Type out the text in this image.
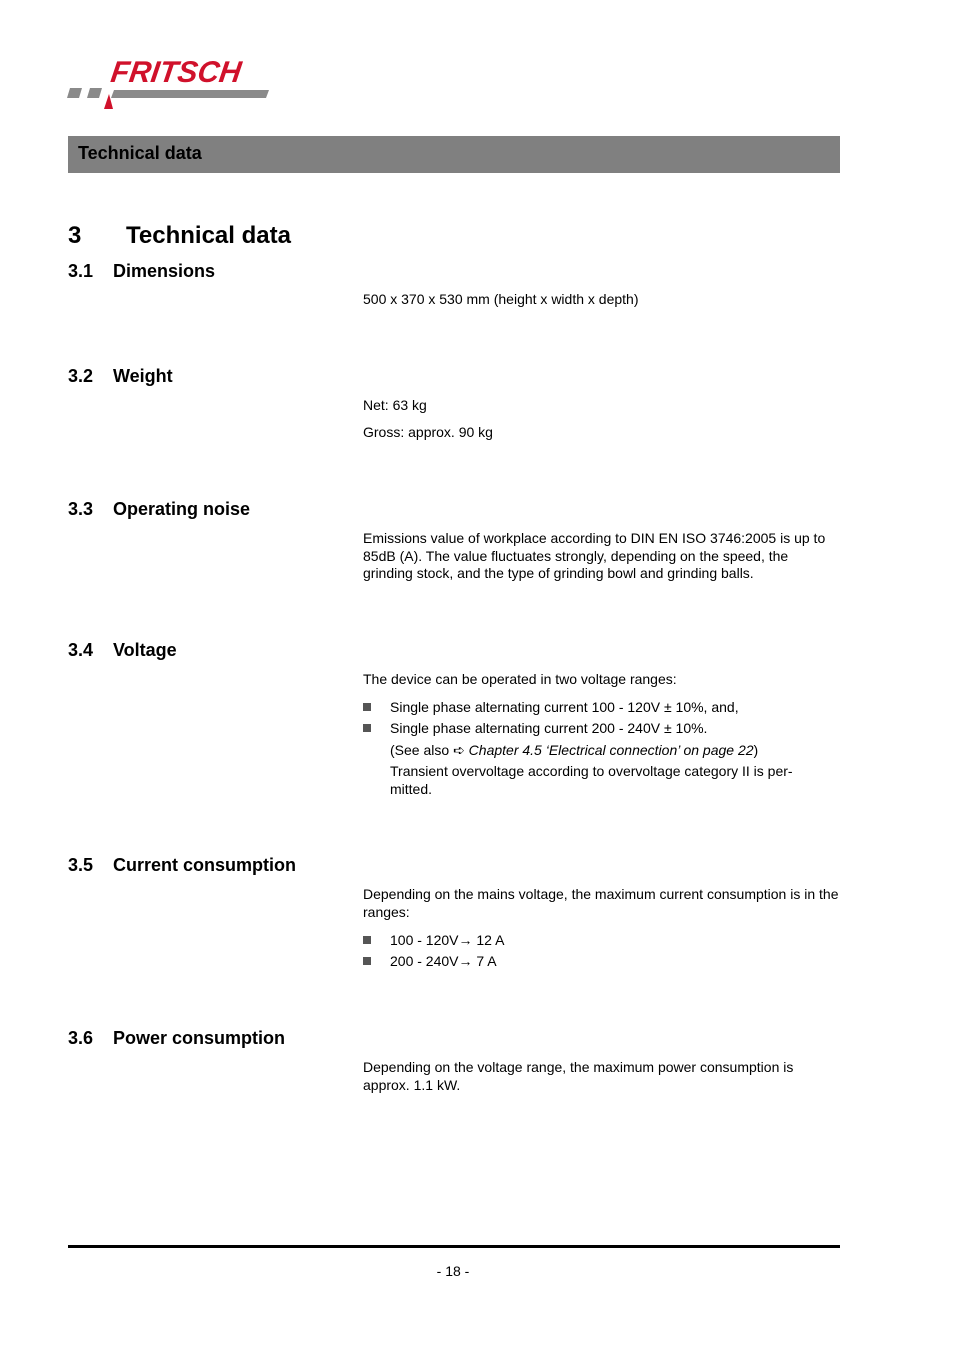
FRITSCH
Technical data
3 Technical data
3.1 Dimensions
500 x 370 x 530 mm (height x width x depth)
3.2 Weight
Net: 63 kg
Gross: approx. 90 kg
3.3 Operating noise
Emissions value of workplace according to DIN EN ISO 3746:2005 is up to 85dB (A). The value fluctuates strongly, depending on the speed, the grinding stock, and the type of grinding bowl and grinding balls.
3.4 Voltage
The device can be operated in two voltage ranges:
Single phase alternating current 100 - 120V ± 10%, and,
Single phase alternating current 200 - 240V ± 10%.
(See also ➪ Chapter 4.5 ‘Electrical connection’ on page 22)
Transient overvoltage according to overvoltage category II is per-mitted.
3.5 Current consumption
Depending on the mains voltage, the maximum current consumption is in the ranges:
100 - 120V→ 12 A
200 - 240V→ 7 A
3.6 Power consumption
Depending on the voltage range, the maximum power consumption is approx. 1.1 kW.
- 18 -
